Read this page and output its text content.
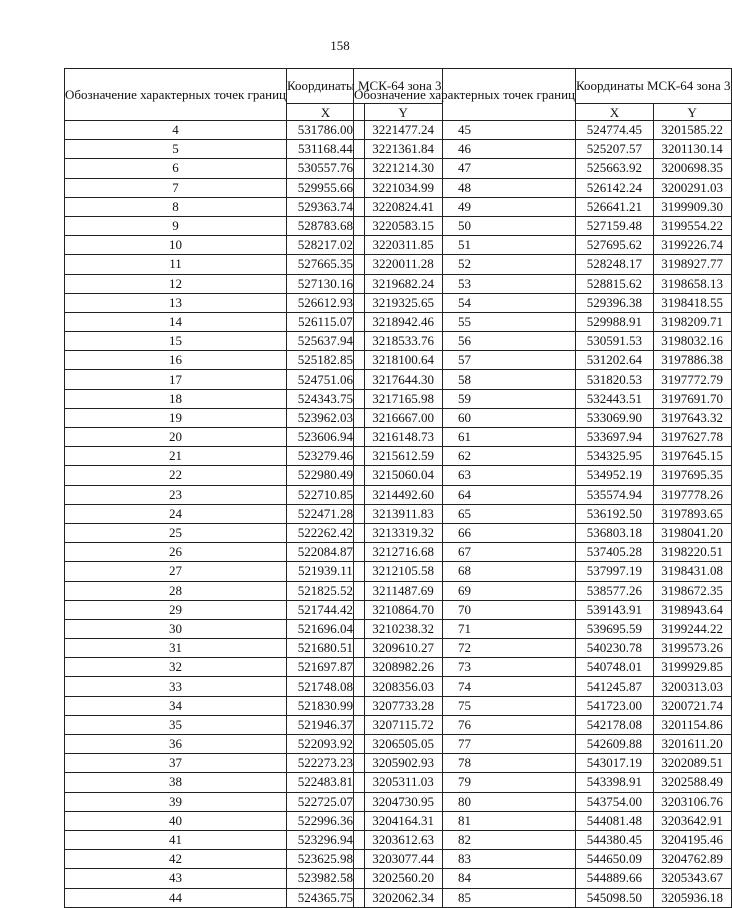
158
Обозначение характерных точек границ	Координаты МСК-64 зона 3	
	X	Y
4	531786.00	3221477.24
5	531168.44	3221361.84
6	530557.76	3221214.30
7	529955.66	3221034.99
8	529363.74	3220824.41
9	528783.68	3220583.15
10	528217.02	3220311.85
11	527665.35	3220011.28
12	527130.16	3219682.24
13	526612.93	3219325.65
14	526115.07	3218942.46
15	525637.94	3218533.76
16	525182.85	3218100.64
17	524751.06	3217644.30
18	524343.75	3217165.98
19	523962.03	3216667.00
20	523606.94	3216148.73
21	523279.46	3215612.59
22	522980.49	3215060.04
23	522710.85	3214492.60
24	522471.28	3213911.83
25	522262.42	3213319.32
26	522084.87	3212716.68
27	521939.11	3212105.58
28	521825.52	3211487.69
29	521744.42	3210864.70
30	521696.04	3210238.32
31	521680.51	3209610.27
32	521697.87	3208982.26
33	521748.08	3208356.03
34	521830.99	3207733.28
35	521946.37	3207115.72
36	522093.92	3206505.05
37	522273.23	3205902.93
38	522483.81	3205311.03
39	522725.07	3204730.95
40	522996.36	3204164.31
41	523296.94	3203612.63
42	523625.98	3203077.44
43	523982.58	3202560.20
44	524365.75	3202062.34
Обозначение характерных точек границ	Координаты МСК-64 зона 3	
	X	Y
45	524774.45	3201585.22
46	525207.57	3201130.14
47	525663.92	3200698.35
48	526142.24	3200291.03
49	526641.21	3199909.30
50	527159.48	3199554.22
51	527695.62	3199226.74
52	528248.17	3198927.77
53	528815.62	3198658.13
54	529396.38	3198418.55
55	529988.91	3198209.71
56	530591.53	3198032.16
57	531202.64	3197886.38
58	531820.53	3197772.79
59	532443.51	3197691.70
60	533069.90	3197643.32
61	533697.94	3197627.78
62	534325.95	3197645.15
63	534952.19	3197695.35
64	535574.94	3197778.26
65	536192.50	3197893.65
66	536803.18	3198041.20
67	537405.28	3198220.51
68	537997.19	3198431.08
69	538577.26	3198672.35
70	539143.91	3198943.64
71	539695.59	3199244.22
72	540230.78	3199573.26
73	540748.01	3199929.85
74	541245.87	3200313.03
75	541723.00	3200721.74
76	542178.08	3201154.86
77	542609.88	3201611.20
78	543017.19	3202089.51
79	543398.91	3202588.49
80	543754.00	3203106.76
81	544081.48	3203642.91
82	544380.45	3204195.46
83	544650.09	3204762.89
84	544889.66	3205343.67
85	545098.50	3205936.18
